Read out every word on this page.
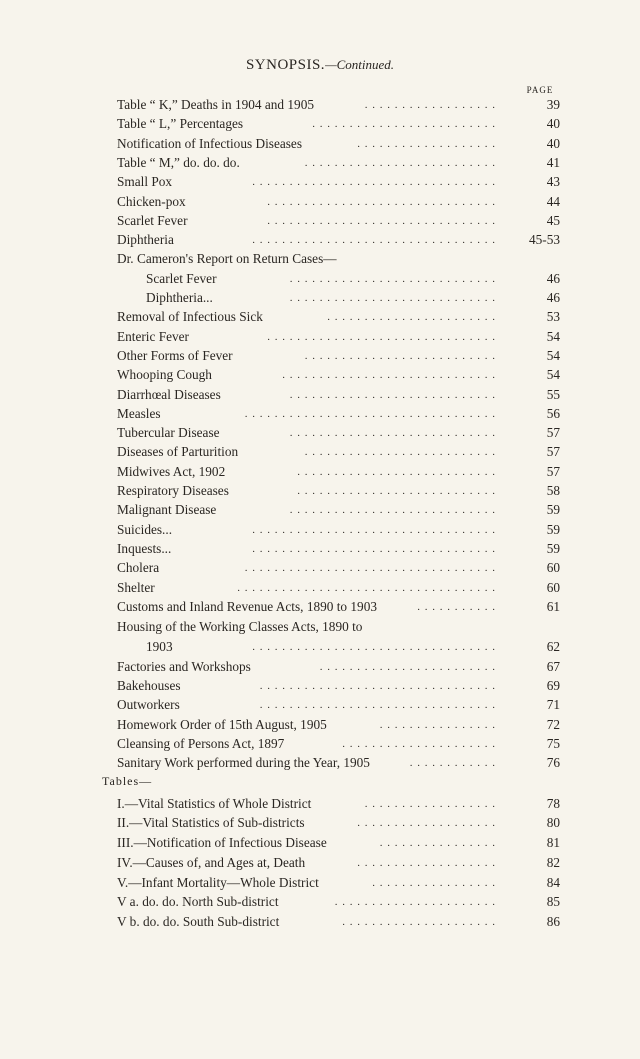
SYNOPSIS.—Continued.
PAGE
Table “ K,” Deaths in 1904 and 1905	. . . . . . . . . . . . . . . . . .	39
Table “ L,” Percentages	. . . . . . . . . . . . . . . . . . . . . . . . .	40
Notification of Infectious Diseases	. . . . . . . . . . . . . . . . . . .	40
Table “ M,” do. do. do.	. . . . . . . . . . . . . . . . . . . . . . . . . .	41
Small Pox	. . . . . . . . . . . . . . . . . . . . . . . . . . . . . . . . .	43
Chicken-pox	. . . . . . . . . . . . . . . . . . . . . . . . . . . . . . .	44
Scarlet Fever	. . . . . . . . . . . . . . . . . . . . . . . . . . . . . . .	45
Diphtheria	. . . . . . . . . . . . . . . . . . . . . . . . . . . . . . . . .	45-53
Dr. Cameron's Report on Return Cases—
Scarlet Fever	. . . . . . . . . . . . . . . . . . . . . . . . . . . .	46
Diphtheria...	. . . . . . . . . . . . . . . . . . . . . . . . . . . .	46
Removal of Infectious Sick	. . . . . . . . . . . . . . . . . . . . . . .	53
Enteric Fever	. . . . . . . . . . . . . . . . . . . . . . . . . . . . . . .	54
Other Forms of Fever	. . . . . . . . . . . . . . . . . . . . . . . . . .	54
Whooping Cough	. . . . . . . . . . . . . . . . . . . . . . . . . . . . .	54
Diarrhœal Diseases	. . . . . . . . . . . . . . . . . . . . . . . . . . . .	55
Measles	. . . . . . . . . . . . . . . . . . . . . . . . . . . . . . . . . .	56
Tubercular Disease	. . . . . . . . . . . . . . . . . . . . . . . . . . . .	57
Diseases of Parturition	. . . . . . . . . . . . . . . . . . . . . . . . . .	57
Midwives Act, 1902	. . . . . . . . . . . . . . . . . . . . . . . . . . .	57
Respiratory Diseases	. . . . . . . . . . . . . . . . . . . . . . . . . . .	58
Malignant Disease	. . . . . . . . . . . . . . . . . . . . . . . . . . . .	59
Suicides...	. . . . . . . . . . . . . . . . . . . . . . . . . . . . . . . . .	59
Inquests...	. . . . . . . . . . . . . . . . . . . . . . . . . . . . . . . . .	59
Cholera	. . . . . . . . . . . . . . . . . . . . . . . . . . . . . . . . . .	60
Shelter	. . . . . . . . . . . . . . . . . . . . . . . . . . . . . . . . . . .	60
Customs and Inland Revenue Acts, 1890 to 1903	. . . . . . . . . . .	61
Housing of the Working Classes Acts, 1890 to
1903	. . . . . . . . . . . . . . . . . . . . . . . . . . . . . . . . .	62
Factories and Workshops	. . . . . . . . . . . . . . . . . . . . . . . .	67
Bakehouses	. . . . . . . . . . . . . . . . . . . . . . . . . . . . . . . .	69
Outworkers	. . . . . . . . . . . . . . . . . . . . . . . . . . . . . . . .	71
Homework Order of 15th August, 1905	. . . . . . . . . . . . . . . .	72
Cleansing of Persons Act, 1897	. . . . . . . . . . . . . . . . . . . . .	75
Sanitary Work performed during the Year, 1905	. . . . . . . . . . . .	76
Tables—
I.—Vital Statistics of Whole District	. . . . . . . . . . . . . . . . . .	78
II.—Vital Statistics of Sub-districts	. . . . . . . . . . . . . . . . . . .	80
III.—Notification of Infectious Disease	. . . . . . . . . . . . . . . .	81
IV.—Causes of, and Ages at, Death	. . . . . . . . . . . . . . . . . . .	82
V.—Infant Mortality—Whole District	. . . . . . . . . . . . . . . . .	84
V a. do. do. North Sub-district	. . . . . . . . . . . . . . . . . . . . . .	85
V b. do. do. South Sub-district	. . . . . . . . . . . . . . . . . . . . .	86
